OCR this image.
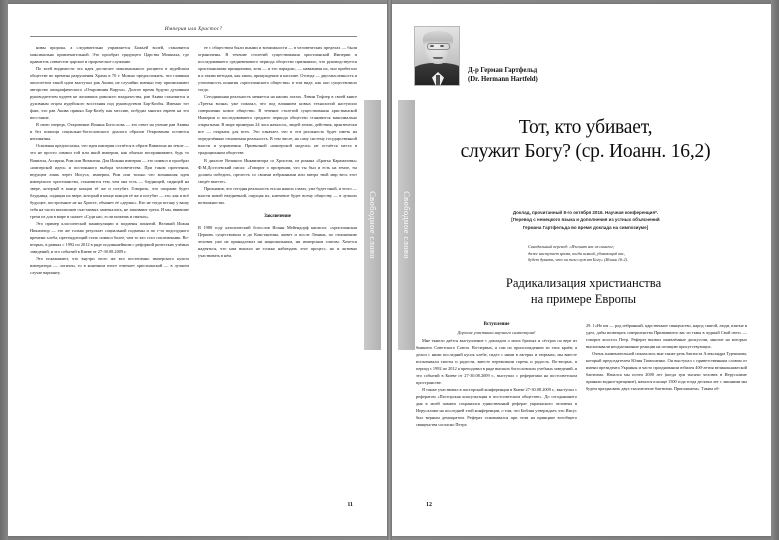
Империя или Христос?
Свободное слово

нивы пророка, а следовательно управляется Божьей волей, становится максимально привлекательной. Это прообраз грядущего Царства Мошиаха, где правитель совместит царское и пророческое служение.

По всей видимости эта идея достигает максимального расцвета в иудейском обществе во времена разрушения Храма в 70 г. Можно предположить, что главным апологетом такой идеи выступал рав Акива, не случайно именно ему приписывают авторство апокрифического «Откровения Варуха». Долгое время будучи духовным руководителем иудеев не желавших римского владычества, рав Акива становится и духовным отцом иудейского восстания под руководством Бар-Кохбы. Именно тот факт, что рав Акива принял Бар-Кохбу как мессию, побудил многих евреев на это восстание.

В свою очередь, Откровение Иоанна Богослова — это ответ на учение рав Акивы и без помощи социально-богословского диалога образов Откровения остаются непонятны.

Основная предпосылка, что идея империи остаётся в образе Вавилона на земле — это не просто символ той или иной империи, как обычно воспринимают, будь то Вавилон, Ассирия, Рим или Византия. Для Иоанна империя — это символ и прообраз «имперской идеи» и постоянного выбора человечества. При таком прочтении, ведущем лишь через Иисуса, империи, Рим или только что возникшая идея имперского христианства, становится тем, чем она есть — блудницей, сидящей на звере, который в конце концов её же и погубит. Говорить, что опорами будет блудница, сидящая на звере, который в конце концов её же и погубит — это, как и всё будущее, построенное не на Христе, обманет её «дерзко». Кто не тогда встану у вашу тебя на части миллионов счастливых замешались, не зашивают греха. И мы, ввившие грехи из для в мире и скажет «Суди нас, если можешь и святых».

Это пример классической манипуляции и подмены понятий. Великий Иоанн Никизатор — это же только результат социальной подмены и по г-та подспудного времени хлеба, претендующий стать символ более, чем то кто стал соплеменник. Во-вторых, в рамках с 1992 по 2012 в ряде подлиннейшим с реформой ричестких учёных заведений, и это событий в Киеве от 27-30.08.2009 г.

Это показывают, что внутри этого же кто постепенно имперского культа императора — логичен, то в конечном итоге отвечает христианской — в лучшем случае варианту.

ее с обществом были иными и возможности — в человеческих пределах — были ограничены. В течение столетий существования христианской Империи и последовавшего средневекового периода общество признавало, что руководствуется христианскими принципами, хотя — и это парадокс, — навязывая их, оно прибегало и к таким методам, как закон, принуждение и насилие. Отсюда — двусмысленность и утопичность понятия «христианского общества» в том виде, как оно существовало тогда.

Сегодняшняя реальность меняется на наших глазах. Левин Тофлер в своей книге «Третья волна» уже показал, что под влиянием новых технологий наступило совершенно новое общество. В течение столетий существования христианской Империи и последовавшего среднего периода общество становится максимально открытыми. В мире примерно 24 часа началось, людей земли, действия, практически все — открыты для всех. Это означает, что в эти реальность будет иметь на определённые отношения реальность. В том числе, на саму систему государственной власти и управления. Привычной «имперской модели» не остаётся места в традиционном обществе.

В диалоге Великого Инквизитора со Христом, из романа «Братья Карамазовы» Ф.М.Достоевский писал: «Говорит о прозрении, что ты был и есть на земле, ты должен победить, прелесть со своими избранными или завтра твой мир весь этот сведёт вместе».

Признаков, что сегодня реальность эта на наших глазах, уже будет иной, и этого — власти новой ежедневной, ощущая их, ключевое будет всему обществу — в лучших возможностях.

Заключение

В 1988 году католический богослов Иоанн Мейендорф написал: «христианская Церковь существовала и до Константина, живет и после Ленина, по отношению человек уже не принадлежат ни национальным, ни имперским элитам. Хочется надеяться, что нам выпало не только наблюдать этот процесс, но и активно участвовать в нём.

11
Свободное слово
Д-р Герман Гартфельд
(Dr. Hermann Hartfeld)
Тот, кто убивает,
служит Богу? (ср. Иоанн. 16,2)
Доклад, прочитанный 8-го октября 2016. Научная конференция*.
[Перевод с немецкого языка и дополнения из устных объяснений
Германа Гартфельда во время доклада на симпозиуме]
Синодальный перевод: «Изгонят вас из синагог;
даже наступает время, когда всякий, убивающий вас,
будет думать, что он тем служит Богу» (Иоанн 16:2).
Радикализация христианства
на примере Европы
Вступление
Дорогие участники научного симпозиума!

Мне тяжело даётся выступление с докладом о моих братьях и сёстрах по вере из бывшего Советского Союза. Во-первых, я сам по происхождению из этих краёв; я делил с ними последний кусок хлеба, сидел с ними в лагерях и тюрьмах, мы вместе испытывали тяготы и радости, вместе переживали горечь и радость. Во-вторых, в период с 1992 по 2012 я преподавал в ряде высших богословских учебных заведений, и это событий в Киеве от 27-30.08.2009 г., выступал с рефератами на постсоветском пространстве.

Я также участвовал в пасторской конференции в Киеве 27-30.08.2009 г., выступал с рефератом «Пасторская консультация в постсоветском обществе». До сегодняшнего дня в моей памяти сохранился единственный реферат украинского человека в Иерусалиме на последней этой конференции, о том, что Библия утверждает, что Иисус был верным демократом. Реферат основывался при этом на принципе всеобщего священства согласно Петра

29. 1«Не им — род избранный, царственное священство, народ святой, люди, взятые в удел, дабы возвещать совершенства Призвавшего вас из тьмы в чудный Свой свет» — говорит апостол Петр. Реферат вызвал оживлённые дискуссии, многие на которых высказывали неоднозначные реакции на позицию присутствующих.

Очень знаменательной показалась мне также речь баптиста Александра Турчинова, который председателем Юлия Тимошенко. Он выступал с приветственным словом от имени президента Украины и часто праздновании юбилея 400-летия великокняжеской баптизма. Начался мы поэти 2000 лет (когда три тысячи человек в Иерусалиме приняли водное крещение), начался в конце 1500 года тогда десятки лет с лишними мы будем праздновать двух тысячелетие баптизма. Приглашаем». Таким об-

12
